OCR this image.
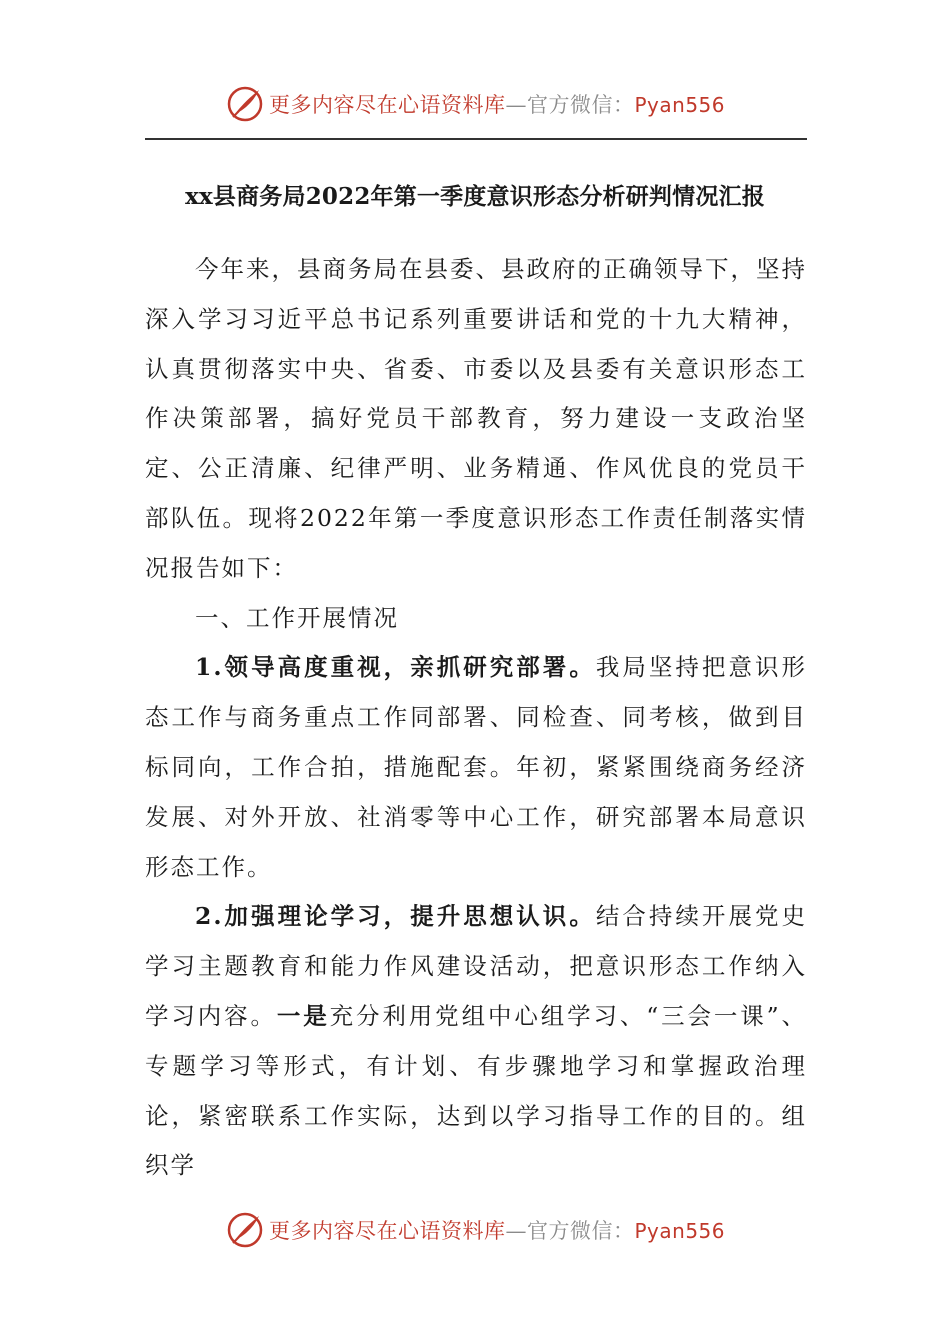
更多内容尽在心语资料库—官方微信：Pyan556
xx县商务局2022年第一季度意识形态分析研判情况汇报

今年来，县商务局在县委、县政府的正确领导下，坚持深入学习习近平总书记系列重要讲话和党的十九大精神，认真贯彻落实中央、省委、市委以及县委有关意识形态工作决策部署，搞好党员干部教育，努力建设一支政治坚定、公正清廉、纪律严明、业务精通、作风优良的党员干部队伍。现将2022年第一季度意识形态工作责任制落实情况报告如下：

一、工作开展情况

1.领导高度重视，亲抓研究部署。我局坚持把意识形态工作与商务重点工作同部署、同检查、同考核，做到目标同向，工作合拍，措施配套。年初，紧紧围绕商务经济发展、对外开放、社消零等中心工作，研究部署本局意识形态工作。

2.加强理论学习，提升思想认识。结合持续开展党史学习主题教育和能力作风建设活动，把意识形态工作纳入学习内容。一是充分利用党组中心组学习、“三会一课”、专题学习等形式，有计划、有步骤地学习和掌握政治理论，紧密联系工作实际，达到以学习指导工作的目的。组织学

更多内容尽在心语资料库—官方微信：Pyan556
